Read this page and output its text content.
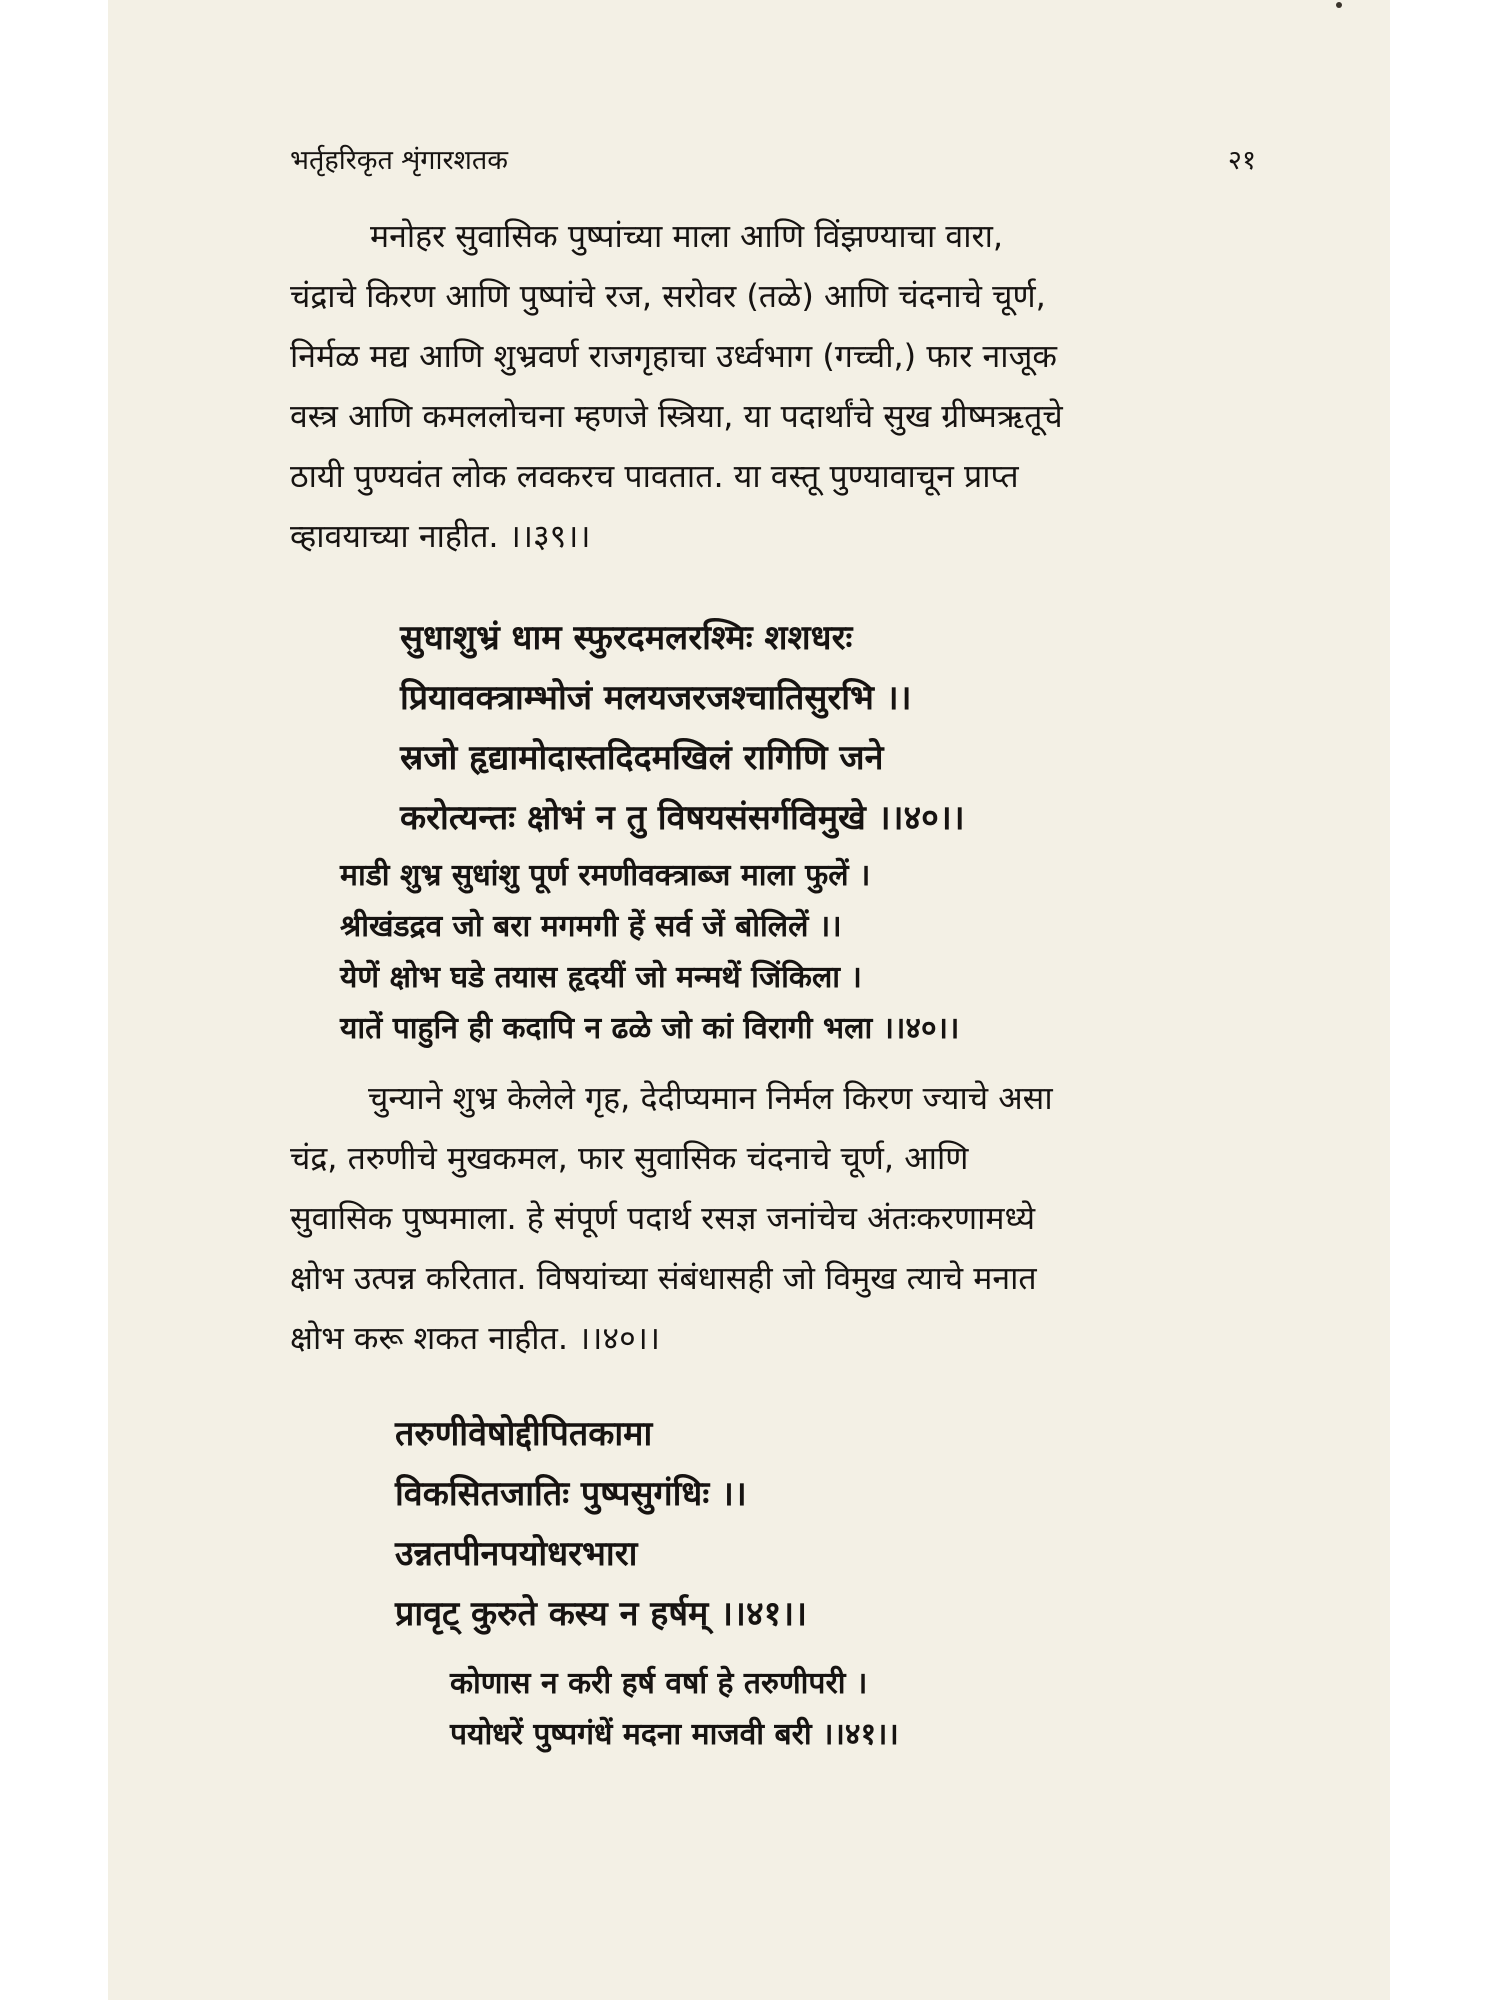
भर्तृहरिकृत शृंगारशतक	२१
मनोहर सुवासिक पुष्पांच्या माला आणि विंझण्याचा वारा,
चंद्राचे किरण आणि पुष्पांचे रज, सरोवर (तळे) आणि चंदनाचे चूर्ण,
निर्मळ मद्य आणि शुभ्रवर्ण राजगृहाचा उर्ध्वभाग (गच्ची,) फार नाजूक
वस्त्र आणि कमललोचना म्हणजे स्त्रिया, या पदार्थांचे सुख ग्रीष्मऋतूचे
ठायी पुण्यवंत लोक लवकरच पावतात. या वस्तू पुण्यावाचून प्राप्त
व्हावयाच्या नाहीत. ।।३९।।
सुधाशुभ्रं धाम स्फुरदमलरश्मिः शशधरः
प्रियावक्त्राम्भोजं मलयजरजश्चातिसुरभि ।।
स्रजो हृद्यामोदास्तदिदमखिलं रागिणि जने
करोत्यन्तः क्षोभं न तु विषयसंसर्गविमुखे ।।४०।।
माडी शुभ्र सुधांशु पूर्ण रमणीवक्त्राब्ज माला फुलें ।
श्रीखंडद्रव जो बरा मगमगी हें सर्व जें बोलिलें ।।
येणें क्षोभ घडे तयास हृदयीं जो मन्मथें जिंकिला ।
यातें पाहुनि ही कदापि न ढळे जो कां विरागी भला ।।४०।।
चुन्याने शुभ्र केलेले गृह, देदीप्यमान निर्मल किरण ज्याचे असा
चंद्र, तरुणीचे मुखकमल, फार सुवासिक चंदनाचे चूर्ण, आणि
सुवासिक पुष्पमाला. हे संपूर्ण पदार्थ रसज्ञ जनांचेच अंतःकरणामध्ये
क्षोभ उत्पन्न करितात. विषयांच्या संबंधासही जो विमुख त्याचे मनात
क्षोभ करू शकत नाहीत. ।।४०।।
तरुणीवेषोद्दीपितकामा
विकसितजातिः पुष्पसुगंधिः ।।
उन्नतपीनपयोधरभारा
प्रावृट् कुरुते कस्य न हर्षम् ।।४१।।
कोणास न करी हर्ष वर्षा हे तरुणीपरी ।
पयोधरें पुष्पगंधें मदना माजवी बरी ।।४१।।
